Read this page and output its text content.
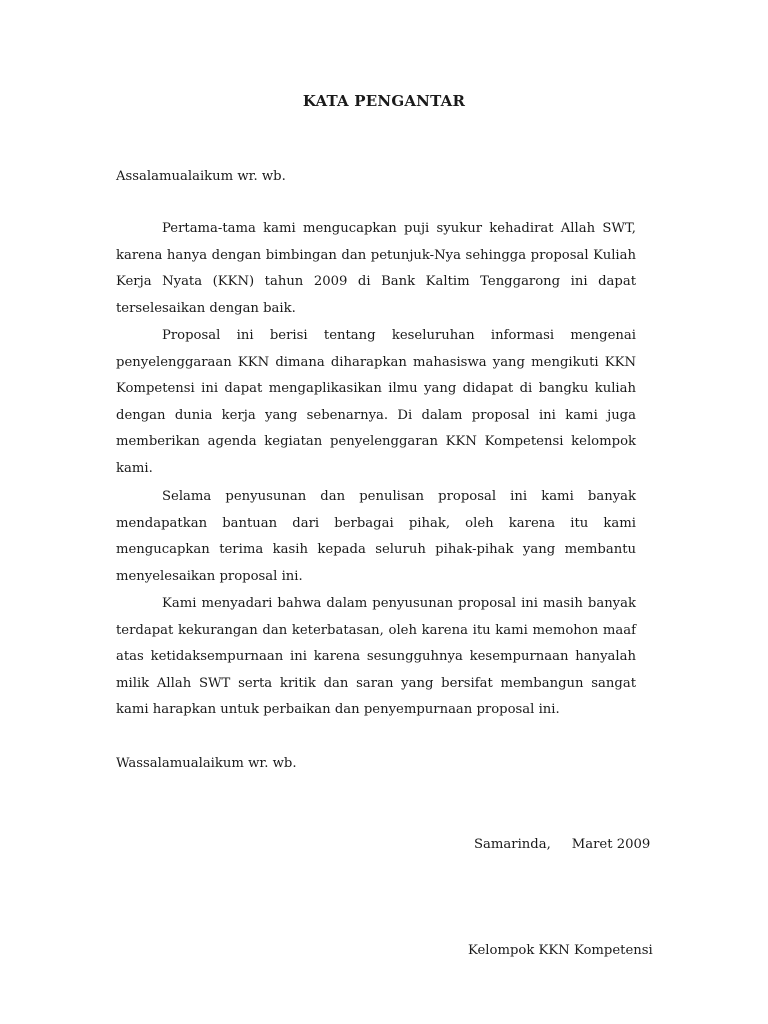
KATA PENGANTAR
Assalamualaikum wr. wb.

Pertama-tama kami mengucapkan puji syukur kehadirat Allah SWT, karena hanya dengan bimbingan dan petunjuk-Nya sehingga proposal Kuliah Kerja Nyata (KKN) tahun 2009 di Bank Kaltim Tenggarong ini dapat terselesaikan dengan baik.

Proposal ini berisi tentang keseluruhan informasi mengenai penyelenggaraan KKN dimana diharapkan mahasiswa yang mengikuti KKN Kompetensi ini dapat mengaplikasikan ilmu yang didapat di bangku kuliah dengan dunia kerja yang sebenarnya. Di dalam proposal ini kami juga memberikan agenda kegiatan penyelenggaran KKN Kompetensi kelompok kami.

Selama penyusunan dan penulisan proposal ini kami banyak mendapatkan bantuan dari berbagai pihak, oleh karena itu kami mengucapkan terima kasih kepada seluruh pihak-pihak yang membantu menyelesaikan proposal ini.

Kami menyadari bahwa dalam penyusunan proposal ini masih banyak terdapat kekurangan dan keterbatasan, oleh karena itu kami memohon maaf atas ketidaksempurnaan ini karena sesungguhnya kesempurnaan hanyalah milik Allah SWT serta kritik dan saran yang bersifat membangun sangat kami harapkan untuk perbaikan dan penyempurnaan proposal ini.

Wassalamualaikum wr. wb.
Samarinda,     Maret 2009
Kelompok KKN Kompetensi
